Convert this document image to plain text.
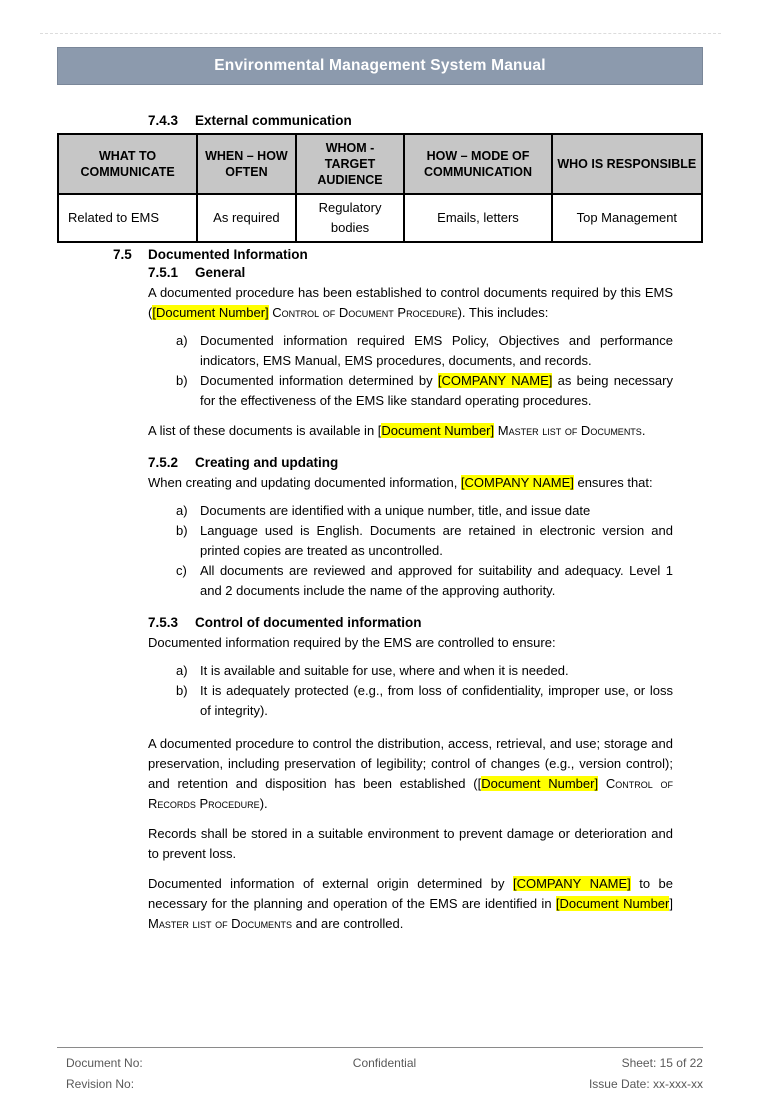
Environmental Management System Manual
7.4.3 External communication
WHAT TO COMMUNICATE	WHEN – HOW OFTEN	WHOM - TARGET AUDIENCE	HOW – MODE OF COMMUNICATION	WHO IS RESPONSIBLE
Related to EMS	As required	Regulatory bodies	Emails, letters	Top Management
7.5 Documented Information
7.5.1 General

A documented procedure has been established to control documents required by this EMS ([Document Number] Control of Document Procedure). This includes:

a) Documented information required EMS Policy, Objectives and performance indicators, EMS Manual, EMS procedures, documents, and records.
b) Documented information determined by [COMPANY NAME] as being necessary for the effectiveness of the EMS like standard operating procedures.

A list of these documents is available in [Document Number] Master list of Documents.

7.5.2 Creating and updating

When creating and updating documented information, [COMPANY NAME] ensures that:

a) Documents are identified with a unique number, title, and issue date
b) Language used is English. Documents are retained in electronic version and printed copies are treated as uncontrolled.
c)	All documents are reviewed and approved for suitability and adequacy. Level 1 and 2 documents include the name of the approving authority.
7.5.3 Control of documented information

Documented information required by the EMS are controlled to ensure:

a) It is available and suitable for use, where and when it is needed.
b) It is adequately protected (e.g., from loss of confidentiality, improper use, or loss of integrity).

A documented procedure to control the distribution, access, retrieval, and use; storage and preservation, including preservation of legibility; control of changes (e.g., version control); and retention and disposition has been established ([Document Number] Control of Records Procedure).

Records shall be stored in a suitable environment to prevent damage or deterioration and to prevent loss.

Documented information of external origin determined by [COMPANY NAME] to be necessary for the planning and operation of the EMS are identified in [Document Number] Master list of Documents and are controlled.

Document No:
Revision No:
Confidential	Sheet: 15 of 22
Issue Date: xx-xxx-xx
